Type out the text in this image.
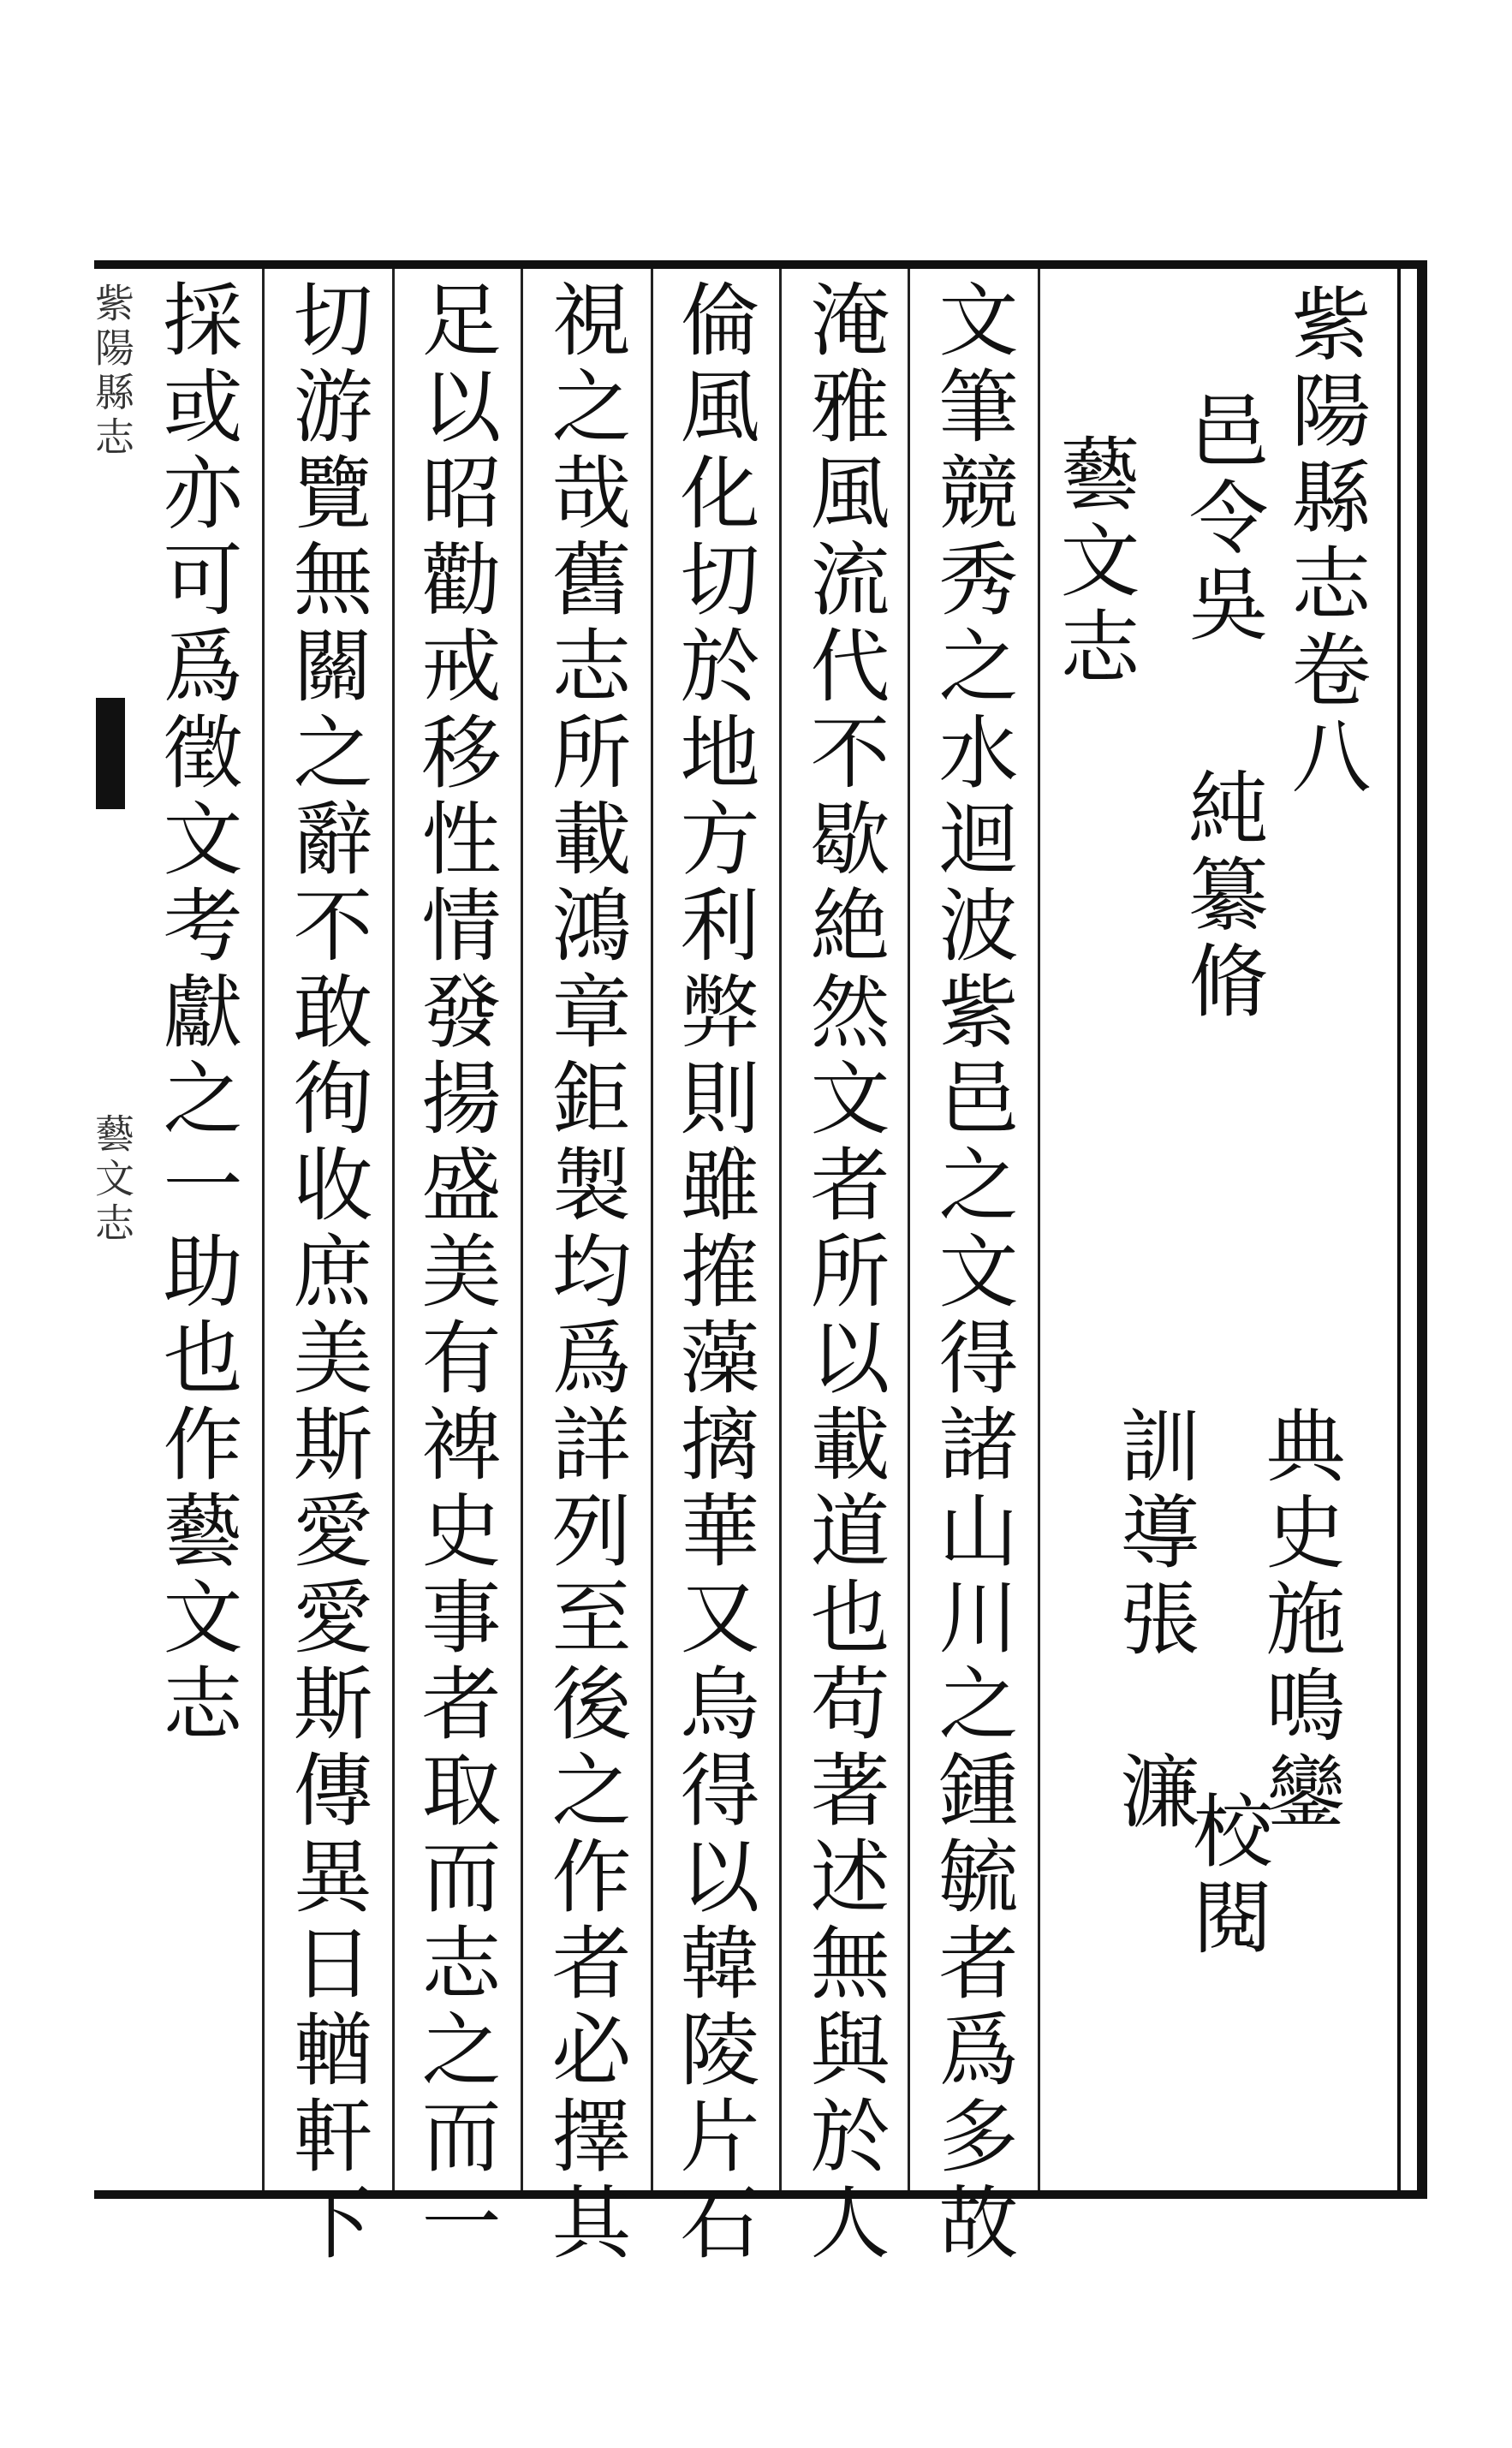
紫陽縣志卷八
邑令吳
純纂脩
典史施鳴鑾
訓導張　濂
校閱
藝文志
文筆競秀之水迴波紫邑之文得諸山川之鍾毓者爲多故
淹雅風流代不歇絶然文者所以載道也苟著述無與於人
倫風化切於地方利弊則雖搉藻摛華又烏得以韓陵片石
視之哉舊志所載鴻章鉅製均爲詳列至後之作者必擇其
足以昭勸戒移性情發揚盛美有裨史事者取而志之而一
切游覽無關之辭不敢徇收庶美斯愛愛斯傳異日輶軒下
採或亦可爲徵文考獻之一助也作藝文志
紫陽縣志
藝文志
